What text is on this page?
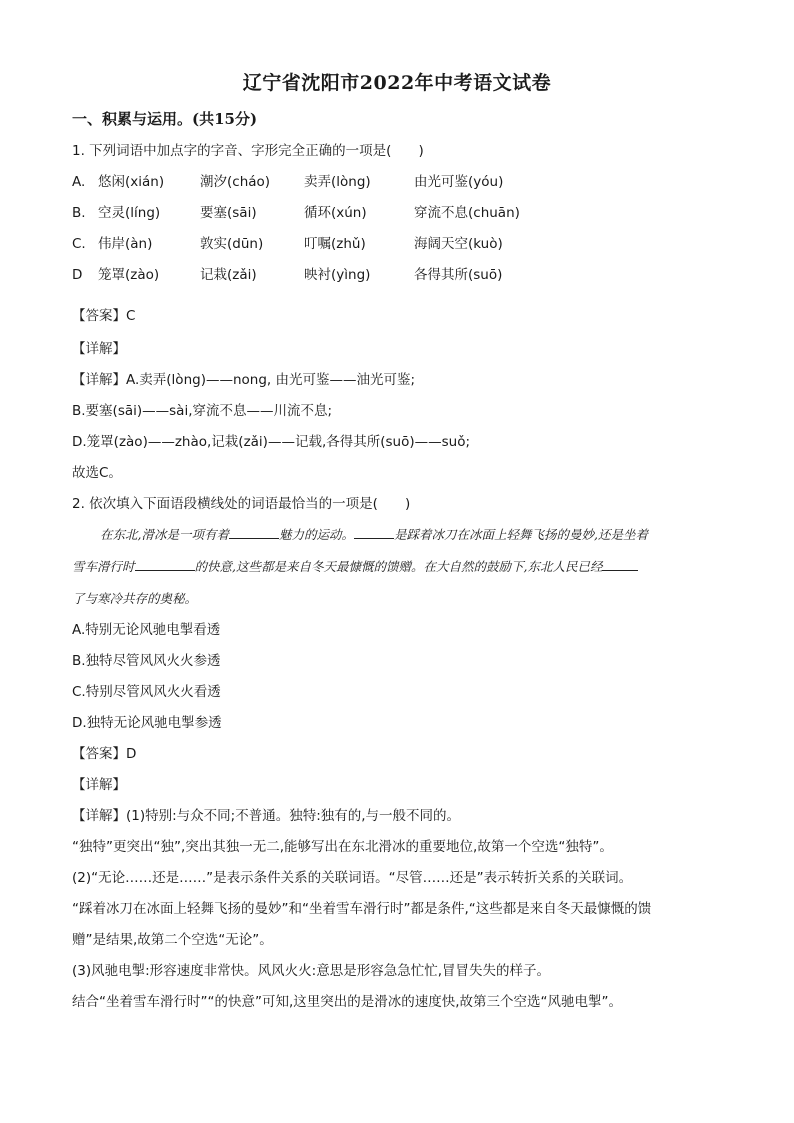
辽宁省沈阳市2022年中考语文试卷
一、积累与运用。(共15分)
1. 下列词语中加点字的字音、字形完全正确的一项是(　　)
A. 悠闲(xián)	潮汐(cháo)	卖弄(lòng)	由光可鉴(yóu)
B. 空灵(líng)	要塞(sāi)	循环(xún)	穿流不息(chuān)
C. 伟岸(àn)	敦实(dūn)	叮嘱(zhǔ)	海阔天空(kuò)
D 笼罩(zào)	记栽(zǎi)	映衬(yìng)	各得其所(suō)
【答案】C
【详解】
【详解】A.卖弄(lòng)——nong, 由光可鉴——油光可鉴;
B.要塞(sāi)——sài,穿流不息——川流不息;
D.笼罩(zào)——zhào,记栽(zǎi)——记载,各得其所(suō)——suǒ;
故选C。
2. 依次填入下面语段横线处的词语最恰当的一项是(　　)
在东北,滑冰是一项有着	魅力的运动。	是踩着冰刀在冰面上轻舞飞扬的曼妙,还是坐着
雪车滑行时	的快意,这些都是来自冬天最慷慨的馈赠。在大自然的鼓励下,东北人民已经
了与寒冷共存的奥秘。
A.特别无论风驰电掣看透
B.独特尽管风风火火参透
C.特别尽管风风火火看透
D.独特无论风驰电掣参透
【答案】D
【详解】
【详解】(1)特别:与众不同;不普通。独特:独有的,与一般不同的。
“独特”更突出“独”,突出其独一无二,能够写出在东北滑冰的重要地位,故第一个空选“独特”。
(2)“无论……还是……”是表示条件关系的关联词语。“尽管……还是”表示转折关系的关联词。
“踩着冰刀在冰面上轻舞飞扬的曼妙”和“坐着雪车滑行时”都是条件,“这些都是来自冬天最慷慨的馈
赠”是结果,故第二个空选“无论”。
(3)风驰电掣:形容速度非常快。风风火火:意思是形容急急忙忙,冒冒失失的样子。
结合“坐着雪车滑行时”“的快意”可知,这里突出的是滑冰的速度快,故第三个空选“风驰电掣”。
